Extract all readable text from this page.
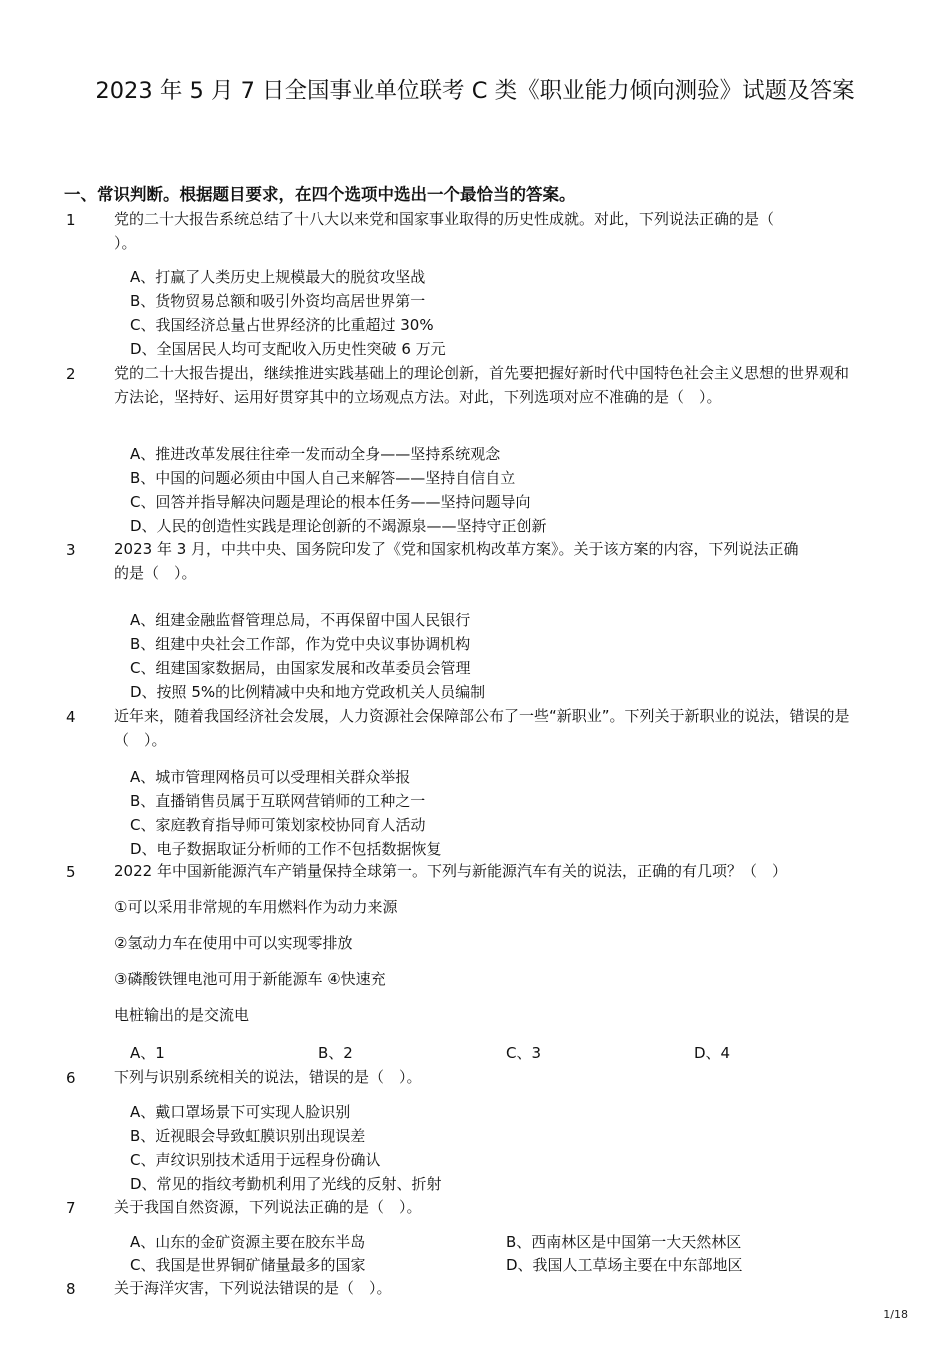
2023 年 5 月 7 日全国事业单位联考 C 类《职业能力倾向测验》试题及答案
一、常识判断。根据题目要求，在四个选项中选出一个最恰当的答案。
1	党的二十大报告系统总结了十八大以来党和国家事业取得的历史性成就。对此，下列说法正确的是（
）。
A、打赢了人类历史上规模最大的脱贫攻坚战
B、货物贸易总额和吸引外资均高居世界第一
C、我国经济总量占世界经济的比重超过 30%
D、全国居民人均可支配收入历史性突破 6 万元
2	党的二十大报告提出，继续推进实践基础上的理论创新，首先要把握好新时代中国特色社会主义思想的世界观和方法论，坚持好、运用好贯穿其中的立场观点方法。对此，下列选项对应不准确的是（　）。
A、推进改革发展往往牵一发而动全身——坚持系统观念
B、中国的问题必须由中国人自己来解答——坚持自信自立
C、回答并指导解决问题是理论的根本任务——坚持问题导向
D、人民的创造性实践是理论创新的不竭源泉——坚持守正创新
3	2023 年 3 月，中共中央、国务院印发了《党和国家机构改革方案》。关于该方案的内容，下列说法正确
的是（　）。
A、组建金融监督管理总局，不再保留中国人民银行
B、组建中央社会工作部，作为党中央议事协调机构
C、组建国家数据局，由国家发展和改革委员会管理
D、按照 5%的比例精减中央和地方党政机关人员编制
4	近年来，随着我国经济社会发展，人力资源社会保障部公布了一些“新职业”。下列关于新职业的说法，错误的是（　）。
A、城市管理网格员可以受理相关群众举报
B、直播销售员属于互联网营销师的工种之一
C、家庭教育指导师可策划家校协同育人活动
D、电子数据取证分析师的工作不包括数据恢复
5	2022 年中国新能源汽车产销量保持全球第一。下列与新能源汽车有关的说法，正确的有几项？（　）
①可以采用非常规的车用燃料作为动力来源
②氢动力车在使用中可以实现零排放
③磷酸铁锂电池可用于新能源车 ④快速充
电桩输出的是交流电
A、1	B、2	C、3	D、4
6	下列与识别系统相关的说法，错误的是（　）。
A、戴口罩场景下可实现人脸识别
B、近视眼会导致虹膜识别出现误差
C、声纹识别技术适用于远程身份确认
D、常见的指纹考勤机利用了光线的反射、折射
7	关于我国自然资源，下列说法正确的是（　）。
A、山东的金矿资源主要在胶东半岛	B、西南林区是中国第一大天然林区
C、我国是世界铜矿储量最多的国家	D、我国人工草场主要在中东部地区
8	关于海洋灾害，下列说法错误的是（　）。
1/18
